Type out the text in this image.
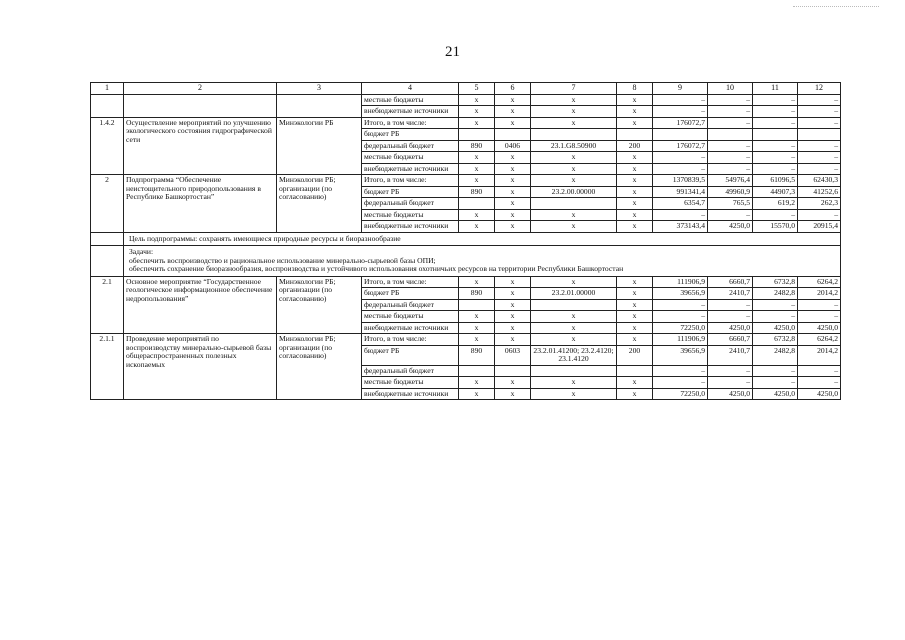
21
1	2	3	4	5	6	7	8	9	10	11	12
			местные бюджеты	х	х	х	х	–	–	–	–
			внебюджетные источники	х	х	х	х	–	–	–	–
1.4.2	Осуществление мероприятий по улучшению экологического состояния гидрографической сети	Минэкологии РБ	Итого, в том числе:	х	х	х	х	176072,7	–	–	–
			бюджет РБ								
			федеральный бюджет	890	0406	23.1.G8.50900	200	176072,7	–	–	–
			местные бюджеты	х	х	х	х	–	–	–	–
			внебюджетные источники	х	х	х	х	–	–	–	–
2	Подпрограмма “Обеспечение неистощительного природопользования в Республике Башкортостан”	Минэкологии РБ; организации (по согласованию)	Итого, в том числе:	х	х	х	х	1370839,5	54976,4	61096,5	62430,3
			бюджет РБ	890	х	23.2.00.00000	х	991341,4	49960,9	44907,3	41252,6
			федеральный бюджет		х		х	6354,7	765,5	619,2	262,3
			местные бюджеты	х	х	х	х	–	–	–	–
			внебюджетные источники	х	х	х	х	373143,4	4250,0	15570,0	20915,4
	Цель подпрограммы: сохранять имеющиеся природные ресурсы и биоразнообразие										

	Задачи:
обеспечить воспроизводство и рациональное использование минерально-сырьевой базы ОПИ;
обеспечить сохранение биоразнообразия, воспроизводства и устойчивого использования охотничьих ресурсов на территории Республики Башкортостан										

2.1	Основное мероприятие “Государственное геологическое информационное обеспечение недропользования”	Минэкологии РБ; организации (по согласованию)	Итого, в том числе:	х	х	х	х	111906,9	6660,7	6732,8	6264,2
			бюджет РБ	890	х	23.2.01.00000	х	39656,9	2410,7	2482,8	2014,2
			федеральный бюджет		х		х	–	–	–	–
			местные бюджеты	х	х	х	х	–	–	–	–
			внебюджетные источники	х	х	х	х	72250,0	4250,0	4250,0	4250,0
2.1.1	Проведение мероприятий по воспроизводству минерально-сырьевой базы общераспространенных полезных ископаемых	Минэкологии РБ; организации (по согласованию)	Итого, в том числе:	х	х	х	х	111906,9	6660,7	6732,8	6264,2
			бюджет РБ	890	0603	23.2.01.41200; 23.2.4120; 23.1.4120	200	39656,9	2410,7	2482,8	2014,2
			федеральный бюджет					–	–	–	–
			местные бюджеты	х	х	х	х	–	–	–	–
			внебюджетные источники	х	х	х	х	72250,0	4250,0	4250,0	4250,0
